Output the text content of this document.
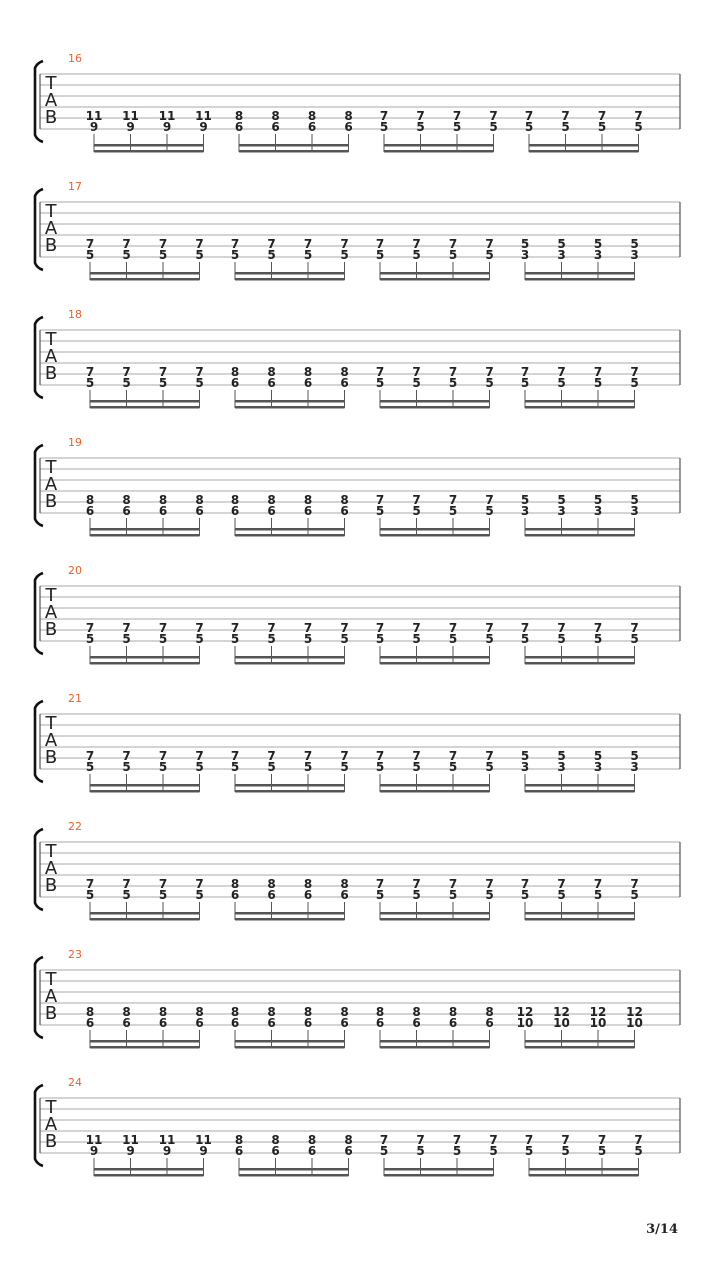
16
T
A
B 11
9
11
9
11
9
11
9
8
6
8
6
8
6
8
6
7
5
7
5
7
5
7
5
7
5
7
5
7
5
7
5
17
T
A
B 7
5
7
5
7
5
7
5
7
5
7
5
7
5
7
5
7
5
7
5
7
5
7
5
5
3
5
3
5
3
5
3
18
T
A
B 7
5
7
5
7
5
7
5
8
6
8
6
8
6
8
6
7
5
7
5
7
5
7
5
7
5
7
5
7
5
7
5
19
T
A
B 8
6
8
6
8
6
8
6
8
6
8
6
8
6
8
6
7
5
7
5
7
5
7
5
5
3
5
3
5
3
5
3
20
T
A
B 7
5
7
5
7
5
7
5
7
5
7
5
7
5
7
5
7
5
7
5
7
5
7
5
7
5
7
5
7
5
7
5
21
T
A
B 7
5
7
5
7
5
7
5
7
5
7
5
7
5
7
5
7
5
7
5
7
5
7
5
5
3
5
3
5
3
5
3
22
T
A
B 7
5
7
5
7
5
7
5
8
6
8
6
8
6
8
6
7
5
7
5
7
5
7
5
7
5
7
5
7
5
7
5
23
T
A
B 8
6
8
6
8
6
8
6
8
6
8
6
8
6
8
6
8
6
8
6
8
6
8
6
12
10
12
10
12
10
12
10
24
T
A
B 11
9
11
9
11
9
11
9
8
6
8
6
8
6
8
6
7
5
7
5
7
5
7
5
7
5
7
5
7
5
7
5
3/14
